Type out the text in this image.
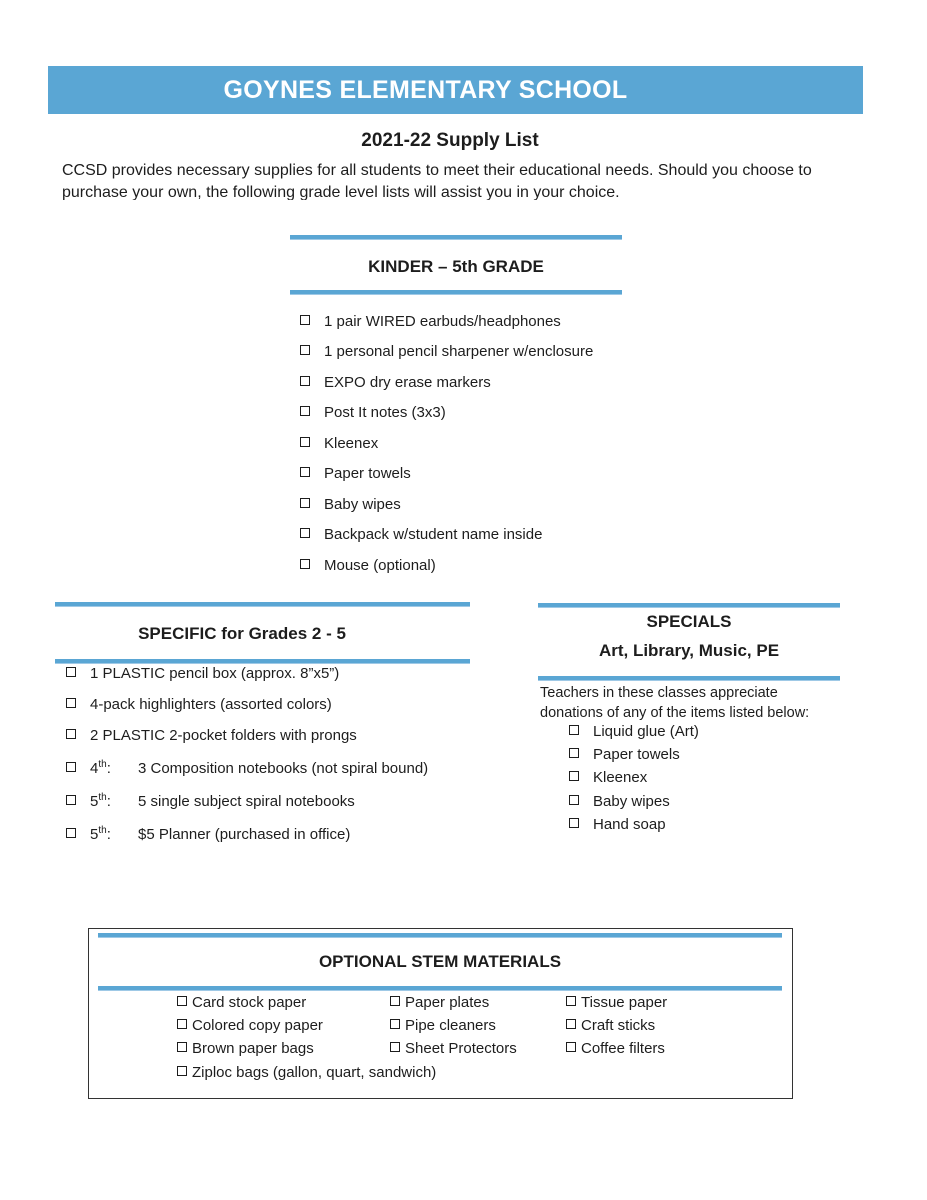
GOYNES ELEMENTARY SCHOOL
2021-22 Supply List
CCSD provides necessary supplies for all students to meet their educational needs. Should you choose to purchase your own, the following grade level lists will assist you in your choice.
KINDER – 5th GRADE
1 pair WIRED earbuds/headphones
1 personal pencil sharpener w/enclosure
EXPO dry erase markers
Post It notes (3x3)
Kleenex
Paper towels
Baby wipes
Backpack w/student name inside
Mouse (optional)
SPECIFIC for Grades 2 - 5
1 PLASTIC pencil box (approx. 8”x5”)
4-pack highlighters (assorted colors)
2 PLASTIC 2-pocket folders with prongs
4th: 3 Composition notebooks (not spiral bound)
5th: 5 single subject spiral notebooks
5th: $5 Planner (purchased in office)
SPECIALS
Art, Library, Music, PE
Teachers in these classes appreciate
donations of any of the items listed below:
Liquid glue (Art)
Paper towels
Kleenex
Baby wipes
Hand soap
OPTIONAL STEM MATERIALS
Card stock paper
Colored copy paper
Brown paper bags
Ziploc bags (gallon, quart, sandwich)
Paper plates
Pipe cleaners
Sheet Protectors
Tissue paper
Craft sticks
Coffee filters
